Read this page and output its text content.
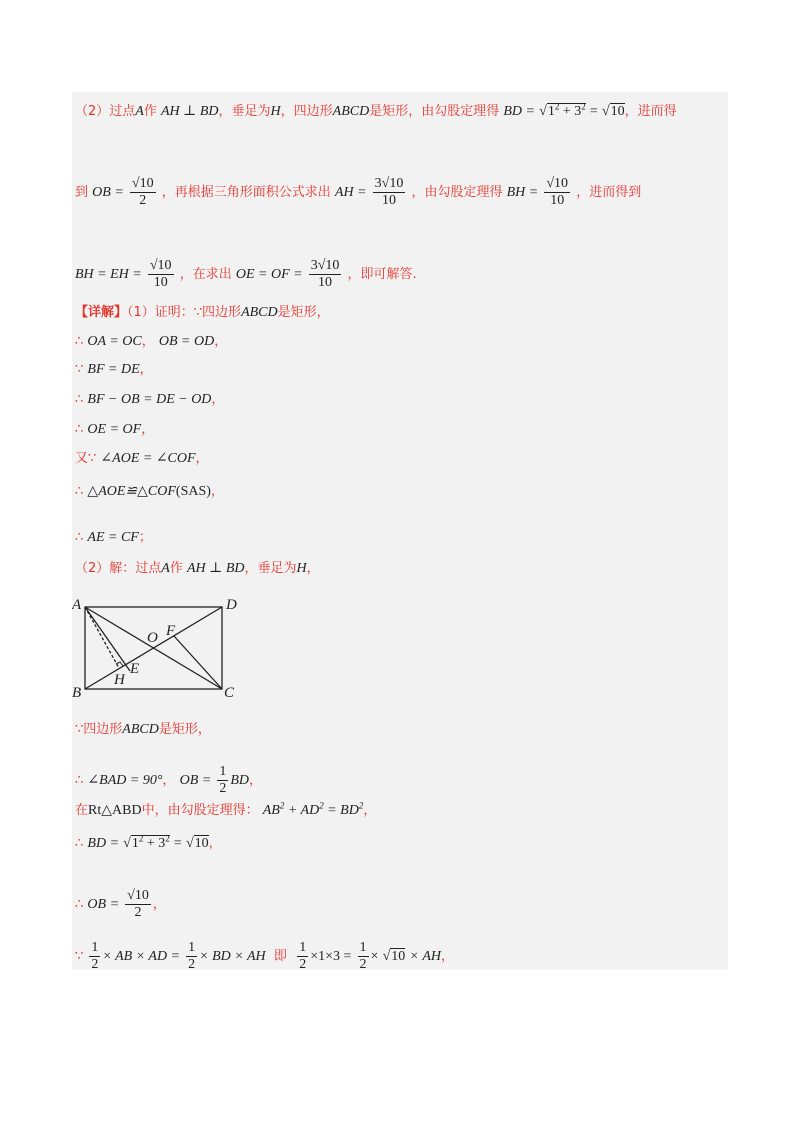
（2）过点A作 AH ⊥ BD，垂足为H，四边形ABCD是矩形，由勾股定理得 BD = $√1^2 + 3^2 = √10$，进而得
到 OB = $\frac{√10}{2}$ ，再根据三角形面积公式求出 AH = $\frac{3√10}{10}$ ，由勾股定理得 BH = $\frac{√10}{10}$ ，进而得到
BH = EH = $\frac{√10}{10}$ ，在求出 OE = OF = $\frac{3√10}{10}$ ，即可解答.
【详解】（1）证明：∵四边形ABCD是矩形，
∴ OA = OC， OB = OD，
∵ BF = DE，
∴ BF − OB = DE − OD，
∴ OE = OF，
又∵ ∠AOE = ∠COF，
∴ △AOE≌△COF(SAS)，
∴ AE = CF；
（2）解：过点A作 AH ⊥ BD，垂足为H，
A	D
B	C
O F
E
H
∵四边形ABCD是矩形，
∴ ∠BAD = 90°， OB = $\frac{1}{2}$ BD，
在Rt△ABD中，由勾股定理得： $AB^2 + AD^2 = BD^2$，
∴ BD = $√1^2 + 3^2 = √10$，
∴ OB = $\frac{√10}{2}$ ，
∵ $\frac{1}{2}$ × AB × AD = $\frac{1}{2}$ × BD × AH 即 $\frac{1}{2} \times 1\times 3 = \frac{1}{2} \times √10$ × AH，
